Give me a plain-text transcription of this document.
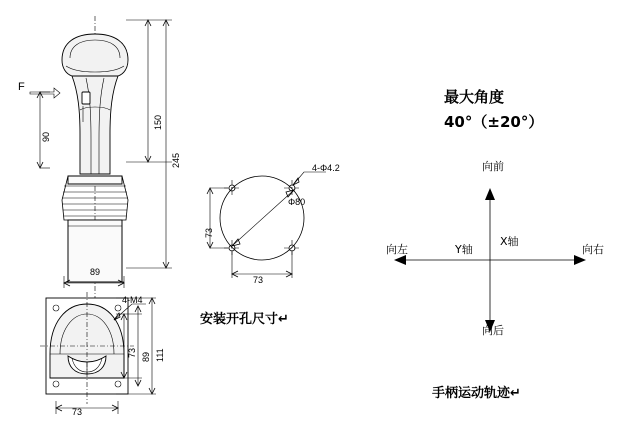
150
245
90
89
F
73 89 111
73
4-M4
73
73
4-Φ4.2
Φ80
安装开孔尺寸↵
最大角度
40°（±20°）
向前
向后
向左	向右
Y轴
X轴
手柄运动轨迹↵
